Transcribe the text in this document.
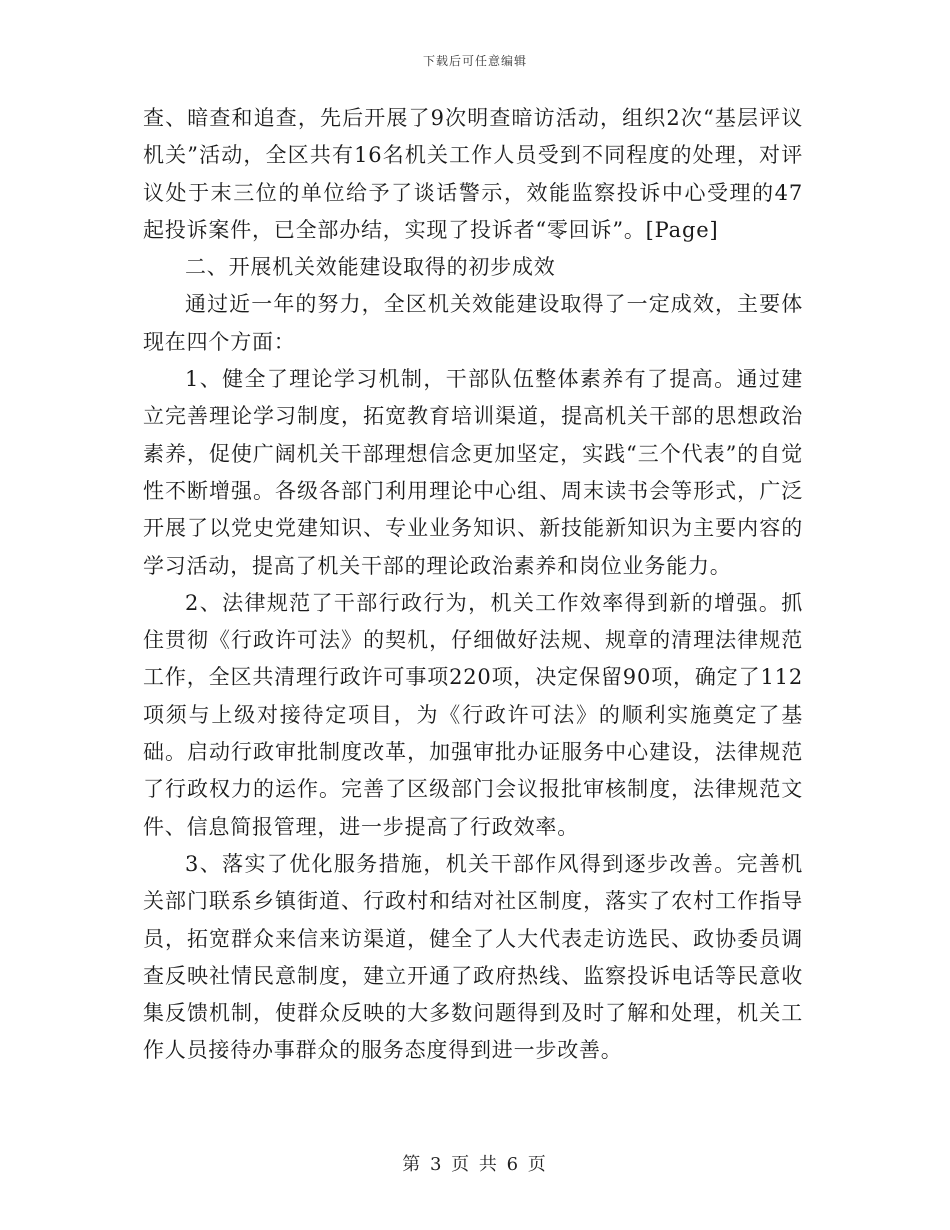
下载后可任意编辑

查、暗查和追查，先后开展了9次明查暗访活动，组织2次“基层评议机关”活动，全区共有16名机关工作人员受到不同程度的处理，对评议处于末三位的单位给予了谈话警示，效能监察投诉中心受理的47起投诉案件，已全部办结，实现了投诉者“零回诉”。[Page]

二、开展机关效能建设取得的初步成效

通过近一年的努力，全区机关效能建设取得了一定成效，主要体现在四个方面：

1、健全了理论学习机制，干部队伍整体素养有了提高。通过建立完善理论学习制度，拓宽教育培训渠道，提高机关干部的思想政治素养，促使广阔机关干部理想信念更加坚定，实践“三个代表”的自觉性不断增强。各级各部门利用理论中心组、周末读书会等形式，广泛开展了以党史党建知识、专业业务知识、新技能新知识为主要内容的学习活动，提高了机关干部的理论政治素养和岗位业务能力。

2、法律规范了干部行政行为，机关工作效率得到新的增强。抓住贯彻《行政许可法》的契机，仔细做好法规、规章的清理法律规范工作，全区共清理行政许可事项220项，决定保留90项，确定了112项须与上级对接待定项目，为《行政许可法》的顺利实施奠定了基础。启动行政审批制度改革，加强审批办证服务中心建设，法律规范了行政权力的运作。完善了区级部门会议报批审核制度，法律规范文件、信息简报管理，进一步提高了行政效率。

3、落实了优化服务措施，机关干部作风得到逐步改善。完善机关部门联系乡镇街道、行政村和结对社区制度，落实了农村工作指导员，拓宽群众来信来访渠道，健全了人大代表走访选民、政协委员调查反映社情民意制度，建立开通了政府热线、监察投诉电话等民意收集反馈机制，使群众反映的大多数问题得到及时了解和处理，机关工作人员接待办事群众的服务态度得到进一步改善。

第 3 页 共 6 页
